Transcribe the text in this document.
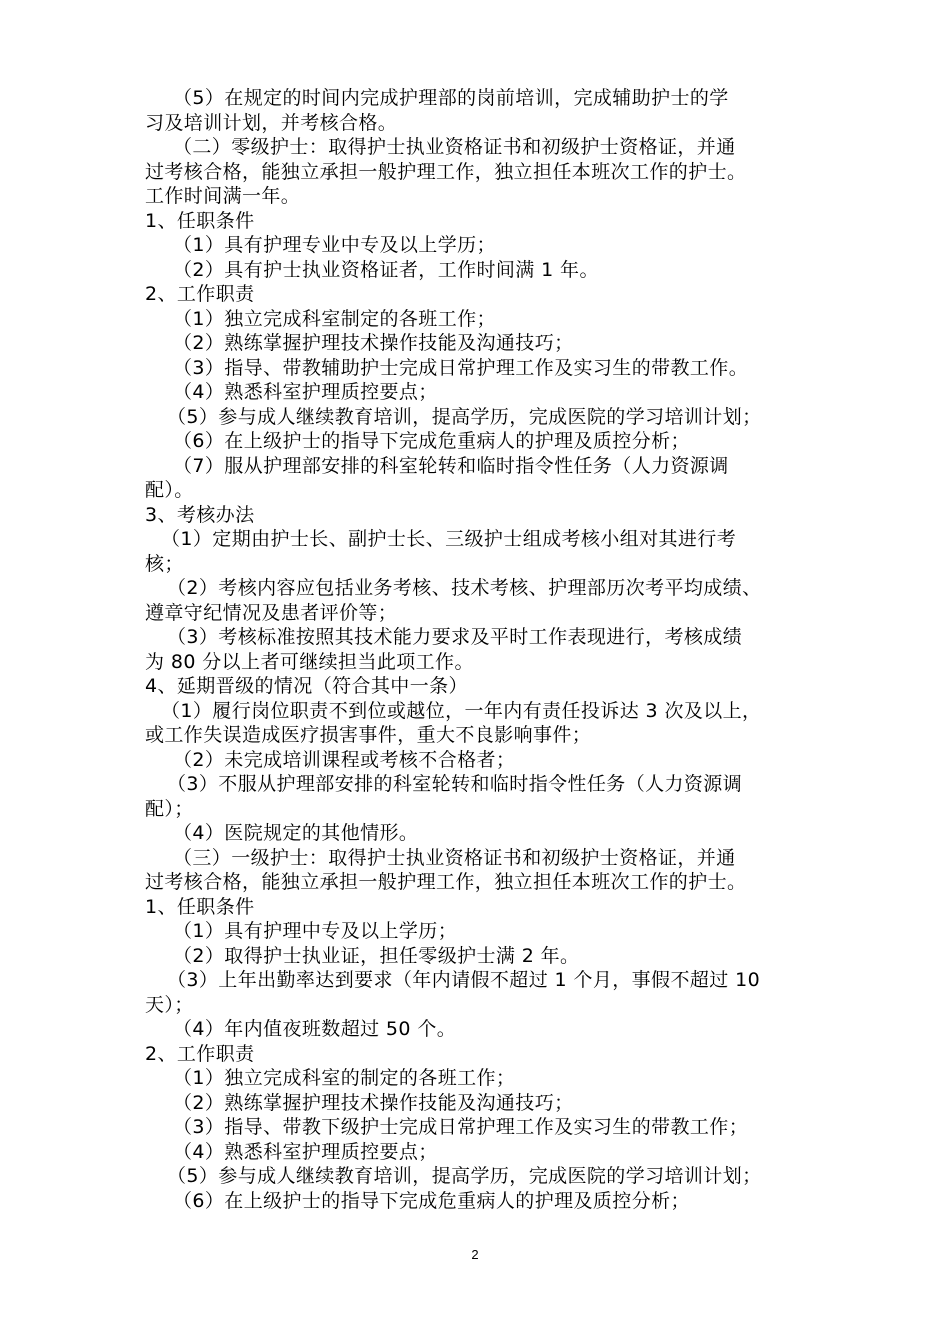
（5）在规定的时间内完成护理部的岗前培训，完成辅助护士的学
习及培训计划，并考核合格。
（二）零级护士：取得护士执业资格证书和初级护士资格证，并通
过考核合格，能独立承担一般护理工作，独立担任本班次工作的护士。
工作时间满一年。
1、任职条件
（1）具有护理专业中专及以上学历；
（2）具有护士执业资格证者，工作时间满 1 年。
2、工作职责
（1）独立完成科室制定的各班工作；
（2）熟练掌握护理技术操作技能及沟通技巧；
（3）指导、带教辅助护士完成日常护理工作及实习生的带教工作。
（4）熟悉科室护理质控要点；
（5）参与成人继续教育培训，提高学历，完成医院的学习培训计划；
（6）在上级护士的指导下完成危重病人的护理及质控分析；
（7）服从护理部安排的科室轮转和临时指令性任务（人力资源调
配）。
3、考核办法
（1）定期由护士长、副护士长、三级护士组成考核小组对其进行考
核；
（2）考核内容应包括业务考核、技术考核、护理部历次考平均成绩、
遵章守纪情况及患者评价等；
（3）考核标准按照其技术能力要求及平时工作表现进行，考核成绩
为 80 分以上者可继续担当此项工作。
4、延期晋级的情况（符合其中一条）
（1）履行岗位职责不到位或越位，一年内有责任投诉达 3 次及以上，
或工作失误造成医疗损害事件，重大不良影响事件；
（2）未完成培训课程或考核不合格者；
（3）不服从护理部安排的科室轮转和临时指令性任务（人力资源调
配）；
（4）医院规定的其他情形。
（三）一级护士：取得护士执业资格证书和初级护士资格证，并通
过考核合格，能独立承担一般护理工作，独立担任本班次工作的护士。
1、任职条件
（1）具有护理中专及以上学历；
（2）取得护士执业证，担任零级护士满 2 年。
（3）上年出勤率达到要求（年内请假不超过 1 个月，事假不超过 10
天）；
（4）年内值夜班数超过 50 个。
2、工作职责
（1）独立完成科室的制定的各班工作；
（2）熟练掌握护理技术操作技能及沟通技巧；
（3）指导、带教下级护士完成日常护理工作及实习生的带教工作；
（4）熟悉科室护理质控要点；
（5）参与成人继续教育培训，提高学历，完成医院的学习培训计划；
（6）在上级护士的指导下完成危重病人的护理及质控分析；
2
